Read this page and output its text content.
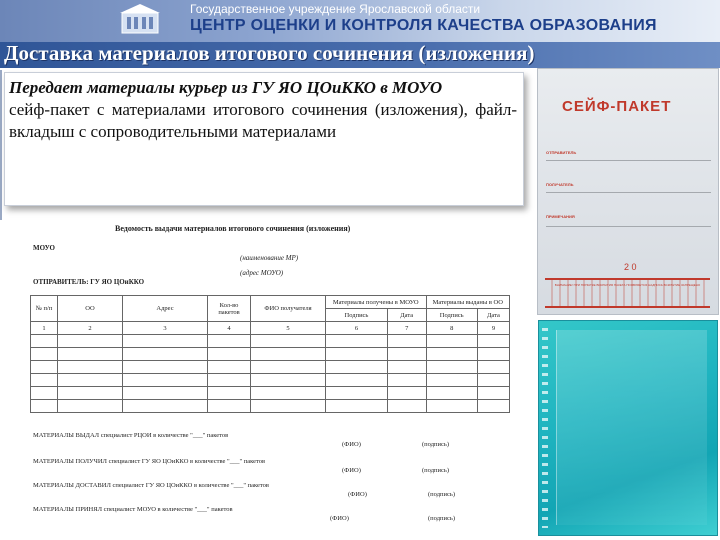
Государственное учреждение Ярославской области
ЦЕНТР ОЦЕНКИ И КОНТРОЛЯ КАЧЕСТВА ОБРАЗОВАНИЯ
Доставка материалов итогового сочинения (изложения)

Передает материалы курьер из ГУ ЯО ЦОиККО в МОУО

сейф-пакет с материалами итогового сочинения (изложения), файл-вкладыш с сопроводительными материалами

Ведомость выдачи материалов итогового сочинения (изложения)
МОУО
(наименование МР)
(адрес МОУО)
ОТПРАВИТЕЛЬ: ГУ ЯО ЦОиККО
№ п/п	ОО	Адрес	Кол-во пакетов	ФИО получателя	Материалы получены в МОУО		Материалы выданы в ОО	
					Подпись	Дата	Подпись	Дата
1	2	3	4	5	6	7	8	9

МАТЕРИАЛЫ ВЫДАЛ специалист РЦОИ в количестве "___" пакетов
(ФИО)	(подпись)
МАТЕРИАЛЫ ПОЛУЧИЛ специалист ГУ ЯО ЦОиККО в количестве "___" пакетов
(ФИО)	(подпись)
МАТЕРИАЛЫ ДОСТАВИЛ специалист ГУ ЯО ЦОиККО в количестве "___" пакетов
(ФИО)	(подпись)
МАТЕРИАЛЫ ПРИНЯЛ специалист МОУО в количестве "___" пакетов
(ФИО)	(подпись)
СЕЙФ-ПАКЕТ
ОТПРАВИТЕЛЬ
ПОЛУЧАТЕЛЬ
ПРИМЕЧАНИЯ
2 0
ВНИМАНИЕ! ПРИ ПОПЫТКЕ ВСКРЫТИЯ ПАКЕТА ПОЯВЛЯЕТСЯ НАДПИСЬ ВСКРЫТИЕ ЗАПРЕЩЕНО
